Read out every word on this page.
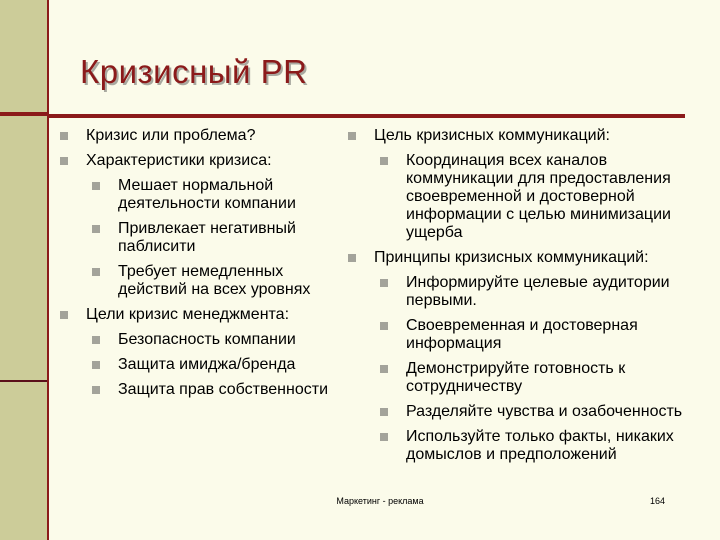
Кризисный PR
Кризис или проблема?
Характеристики кризиса:
Мешает нормальной деятельности компании
Привлекает негативный паблисити
Требует немедленных действий на всех уровнях
Цели кризис менеджмента:
Безопасность компании
Защита имиджа/бренда
Защита прав собственности
Цель кризисных коммуникаций:
Координация всех каналов коммуникации для предоставления своевременной и достоверной информации с целью минимизации ущерба
Принципы кризисных коммуникаций:
Информируйте целевые аудитории первыми.
Своевременная и достоверная информация
Демонстрируйте готовность к сотрудничеству
Разделяйте чувства и озабоченность
Используйте только факты, никаких домыслов и предположений
Маркетинг - реклама	164
